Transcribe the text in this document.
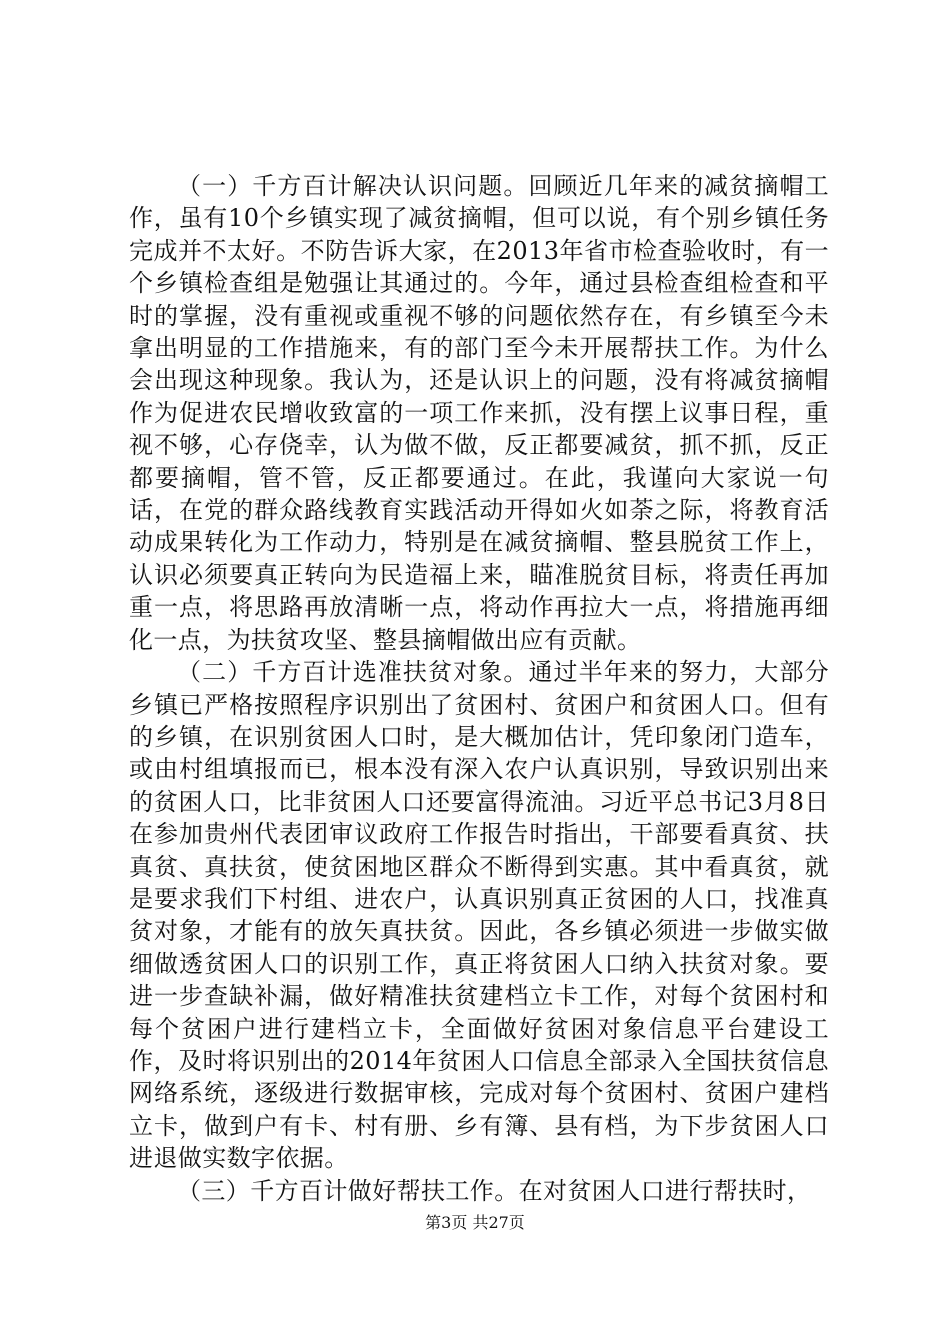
（一）千方百计解决认识问题。回顾近几年来的减贫摘帽工作，虽有10个乡镇实现了减贫摘帽，但可以说，有个别乡镇任务完成并不太好。不防告诉大家，在2013年省市检查验收时，有一个乡镇检查组是勉强让其通过的。今年，通过县检查组检查和平时的掌握，没有重视或重视不够的问题依然存在，有乡镇至今未拿出明显的工作措施来，有的部门至今未开展帮扶工作。为什么会出现这种现象。我认为，还是认识上的问题，没有将减贫摘帽作为促进农民增收致富的一项工作来抓，没有摆上议事日程，重视不够，心存侥幸，认为做不做，反正都要减贫，抓不抓，反正都要摘帽，管不管，反正都要通过。在此，我谨向大家说一句话，在党的群众路线教育实践活动开得如火如荼之际，将教育活动成果转化为工作动力，特别是在减贫摘帽、整县脱贫工作上，认识必须要真正转向为民造福上来，瞄准脱贫目标，将责任再加重一点，将思路再放清晰一点，将动作再拉大一点，将措施再细化一点，为扶贫攻坚、整县摘帽做出应有贡献。

（二）千方百计选准扶贫对象。通过半年来的努力，大部分乡镇已严格按照程序识别出了贫困村、贫困户和贫困人口。但有的乡镇，在识别贫困人口时，是大概加估计，凭印象闭门造车，或由村组填报而已，根本没有深入农户认真识别，导致识别出来的贫困人口，比非贫困人口还要富得流油。习近平总书记3月8日在参加贵州代表团审议政府工作报告时指出，干部要看真贫、扶真贫、真扶贫，使贫困地区群众不断得到实惠。其中看真贫，就是要求我们下村组、进农户，认真识别真正贫困的人口，找准真贫对象，才能有的放矢真扶贫。因此，各乡镇必须进一步做实做细做透贫困人口的识别工作，真正将贫困人口纳入扶贫对象。要进一步查缺补漏，做好精准扶贫建档立卡工作，对每个贫困村和每个贫困户进行建档立卡，全面做好贫困对象信息平台建设工作，及时将识别出的2014年贫困人口信息全部录入全国扶贫信息网络系统，逐级进行数据审核，完成对每个贫困村、贫困户建档立卡，做到户有卡、村有册、乡有簿、县有档，为下步贫困人口进退做实数字依据。

（三）千方百计做好帮扶工作。在对贫困人口进行帮扶时，

第3页 共27页
